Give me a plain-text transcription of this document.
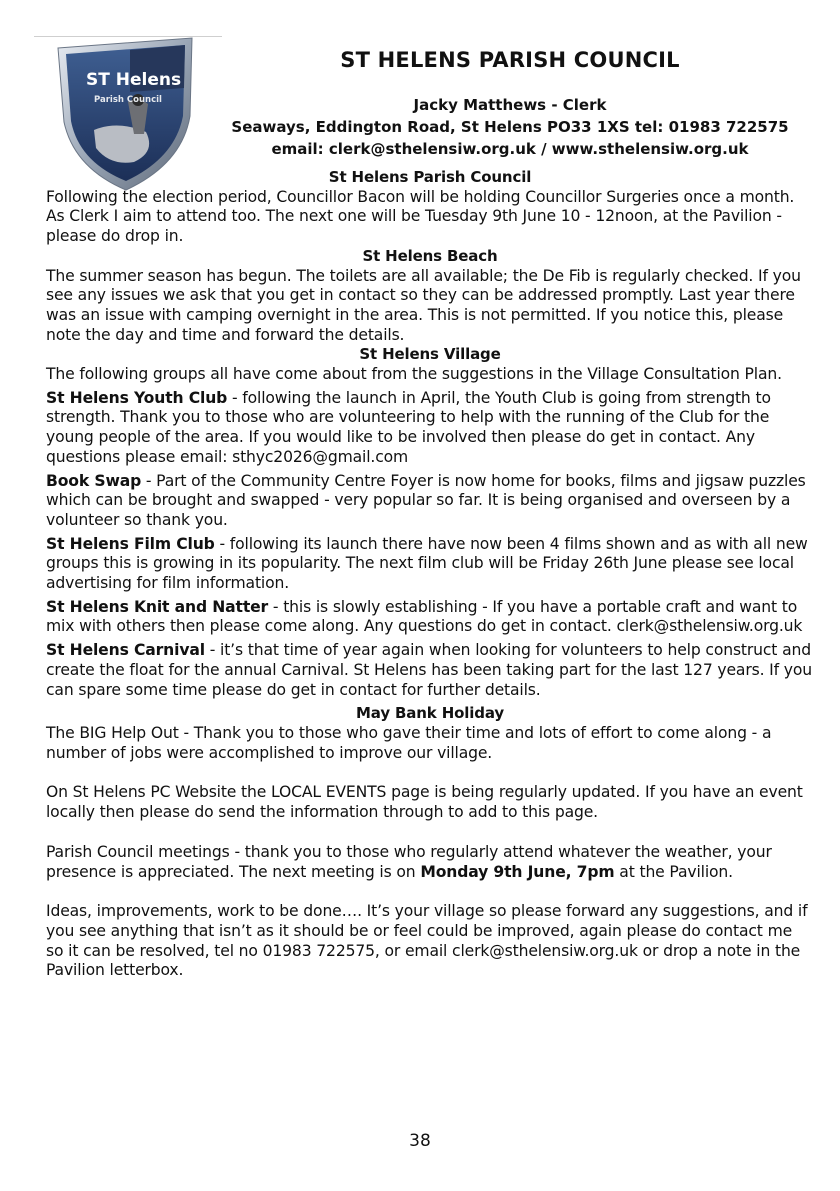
ST Helens
Parish Council
ST HELENS PARISH COUNCIL

Jacky Matthews - Clerk

Seaways, Eddington Road, St Helens PO33 1XS tel: 01983 722575

email: clerk@sthelensiw.org.uk / www.sthelensiw.org.uk

St Helens Parish Council

Following the election period, Councillor Bacon will be holding Councillor Surgeries once a month. As Clerk I aim to attend too. The next one will be Tuesday 9th June 10 - 12noon, at the Pavilion - please do drop in.

St Helens Beach

The summer season has begun. The toilets are all available; the De Fib is regularly checked. If you see any issues we ask that you get in contact so they can be addressed promptly. Last year there was an issue with camping overnight in the area. This is not permitted. If you notice this, please note the day and time and forward the details.

St Helens Village

The following groups all have come about from the suggestions in the Village Consultation Plan.

St Helens Youth Club - following the launch in April, the Youth Club is going from strength to strength. Thank you to those who are volunteering to help with the running of the Club for the young people of the area. If you would like to be involved then please do get in contact. Any questions please email: sthyc2026@gmail.com

Book Swap - Part of the Community Centre Foyer is now home for books, films and jigsaw puzzles which can be brought and swapped - very popular so far. It is being organised and overseen by a volunteer so thank you.

St Helens Film Club - following its launch there have now been 4 films shown and as with all new groups this is growing in its popularity. The next film club will be Friday 26th June please see local advertising for film information.

St Helens Knit and Natter - this is slowly establishing - If you have a portable craft and want to mix with others then please come along. Any questions do get in contact. clerk@sthelensiw.org.uk

St Helens Carnival - it’s that time of year again when looking for volunteers to help construct and create the float for the annual Carnival. St Helens has been taking part for the last 127 years. If you can spare some time please do get in contact for further details.

May Bank Holiday

The BIG Help Out - Thank you to those who gave their time and lots of effort to come along - a number of jobs were accomplished to improve our village.

On St Helens PC Website the LOCAL EVENTS page is being regularly updated. If you have an event locally then please do send the information through to add to this page.

Parish Council meetings - thank you to those who regularly attend whatever the weather, your presence is appreciated. The next meeting is on Monday 9th June, 7pm at the Pavilion.

Ideas, improvements, work to be done…. It’s your village so please forward any suggestions, and if you see anything that isn’t as it should be or feel could be improved, again please do contact me so it can be resolved, tel no 01983 722575, or email clerk@sthelensiw.org.uk or drop a note in the Pavilion letterbox.

38
